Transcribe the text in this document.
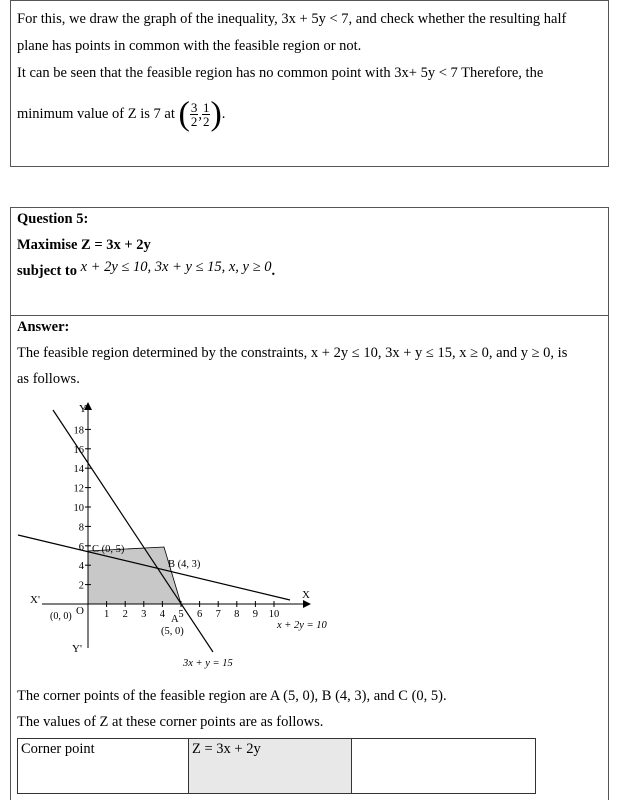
For this, we draw the graph of the inequality, 3x + 5y < 7, and check whether the resulting half
plane has points in common with the feasible region or not.
It can be seen that the feasible region has no common point with 3x+ 5y < 7 Therefore, the
minimum value of Z is 7 at ( $\frac{3}{2}$ , $\frac{1}{2}$ ).
Question 5:
Maximise Z = 3x + 2y
subject to x + 2y ≤ 10, 3x + y ≤ 15, x, y ≥ 0.
Answer:
The feasible region determined by the constraints, x + 2y ≤ 10, 3x + y ≤ 15, x ≥ 0, and y ≥ 0, is
as follows.
2
4
6
8
10
12
14
16
18
1 2 3 4 5 6 7 8 9 10
Y
Y'
X'	X
O
(0, 0)
C (0, 5)
B (4, 3)
A
(5, 0)
x + 2y = 10
3x + y = 15
The corner points of the feasible region are A (5, 0), B (4, 3), and C (0, 5).
The values of Z at these corner points are as follows.
Corner point	Z = 3x + 2y	
